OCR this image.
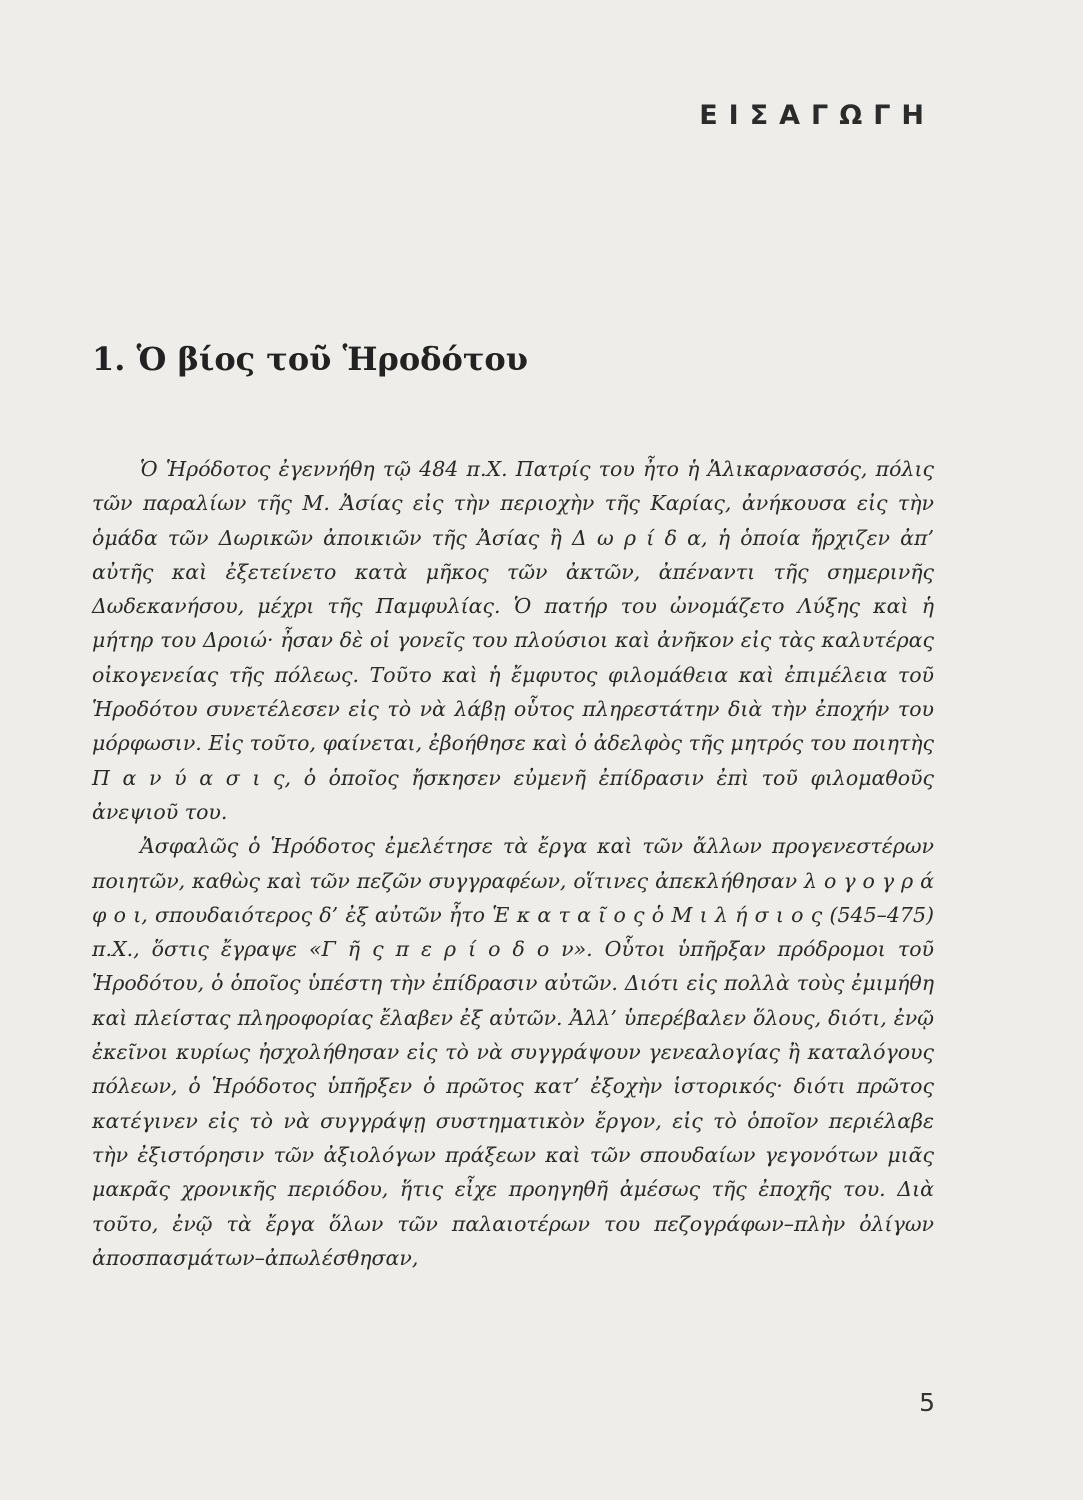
ΕΙΣΑΓΩΓΗ
1. Ὁ βίος τοῦ Ἡροδότου

Ὁ Ἡρόδοτος ἐγεννήθη τῷ 484 π.Χ. Πατρίς του ἦτο ἡ Ἁλικαρνασσός, πόλις τῶν παραλίων τῆς Μ. Ἀσίας εἰς τὴν περιοχὴν τῆς Καρίας, ἀνήκουσα εἰς τὴν ὁμάδα τῶν Δωρικῶν ἀποικιῶν τῆς Ἀσίας ἢ Δ ω ρ ί δ α, ἡ ὁποία ἤρχιζεν ἀπ’ αὐτῆς καὶ ἐξετείνετο κατὰ μῆκος τῶν ἀκτῶν, ἀπέναντι τῆς σημερινῆς Δωδεκανήσου, μέχρι τῆς Παμφυλίας. Ὁ πατήρ του ὠνομάζετο Λύξης καὶ ἡ μήτηρ του Δροιώ· ἦσαν δὲ οἱ γονεῖς του πλούσιοι καὶ ἀνῆκον εἰς τὰς καλυτέρας οἰκογενείας τῆς πόλεως. Τοῦτο καὶ ἡ ἔμφυτος φιλομάθεια καὶ ἐπιμέλεια τοῦ Ἡροδότου συνετέλεσεν εἰς τὸ νὰ λάβῃ οὗτος πληρεστάτην διὰ τὴν ἐποχήν του μόρφωσιν. Εἰς τοῦτο, φαίνεται, ἐβοήθησε καὶ ὁ ἀδελφὸς τῆς μητρός του ποιητὴς Π α ν ύ α σ ι ς, ὁ ὁποῖος ἤσκησεν εὐμενῆ ἐπίδρασιν ἐπὶ τοῦ φιλομαθοῦς ἀνεψιοῦ του.

Ἀσφαλῶς ὁ Ἡρόδοτος ἐμελέτησε τὰ ἔργα καὶ τῶν ἄλλων προγενεστέρων ποιητῶν, καθὼς καὶ τῶν πεζῶν συγγραφέων, οἵτινες ἀπεκλήθησαν λ ο γ ο γ ρ ά φ ο ι, σπουδαιότερος δ’ ἐξ αὐτῶν ἦτο Ἑ κ α τ α ῖ ο ς ὁ Μ ι λ ή σ ι ο ς (545–475) π.Χ., ὅστις ἔγραψε «Γ ῆ ς π ε ρ ί ο δ ο ν». Οὗτοι ὑπῆρξαν πρόδρομοι τοῦ Ἡροδότου, ὁ ὁποῖος ὑπέστη τὴν ἐπίδρασιν αὐτῶν. Διότι εἰς πολλὰ τοὺς ἐμιμήθη καὶ πλείστας πληροφορίας ἔλαβεν ἐξ αὐτῶν. Ἀλλ’ ὑπερέβαλεν ὅλους, διότι, ἐνῷ ἐκεῖνοι κυρίως ἠσχολήθησαν εἰς τὸ νὰ συγγράψουν γενεαλογίας ἢ καταλόγους πόλεων, ὁ Ἡρόδοτος ὑπῆρξεν ὁ πρῶτος κατ’ ἐξοχὴν ἱστορικός· διότι πρῶτος κατέγινεν εἰς τὸ νὰ συγγράψῃ συστηματικὸν ἔργον, εἰς τὸ ὁποῖον περιέλαβε τὴν ἐξιστόρησιν τῶν ἀξιολόγων πράξεων καὶ τῶν σπουδαίων γεγονότων μιᾶς μακρᾶς χρονικῆς περιόδου, ἥτις εἶχε προηγηθῆ ἀμέσως τῆς ἐποχῆς του. Διὰ τοῦτο, ἐνῷ τὰ ἔργα ὅλων τῶν παλαιοτέρων του πεζογράφων–πλὴν ὀλίγων ἀποσπασμάτων–ἀπωλέσθησαν,

5
